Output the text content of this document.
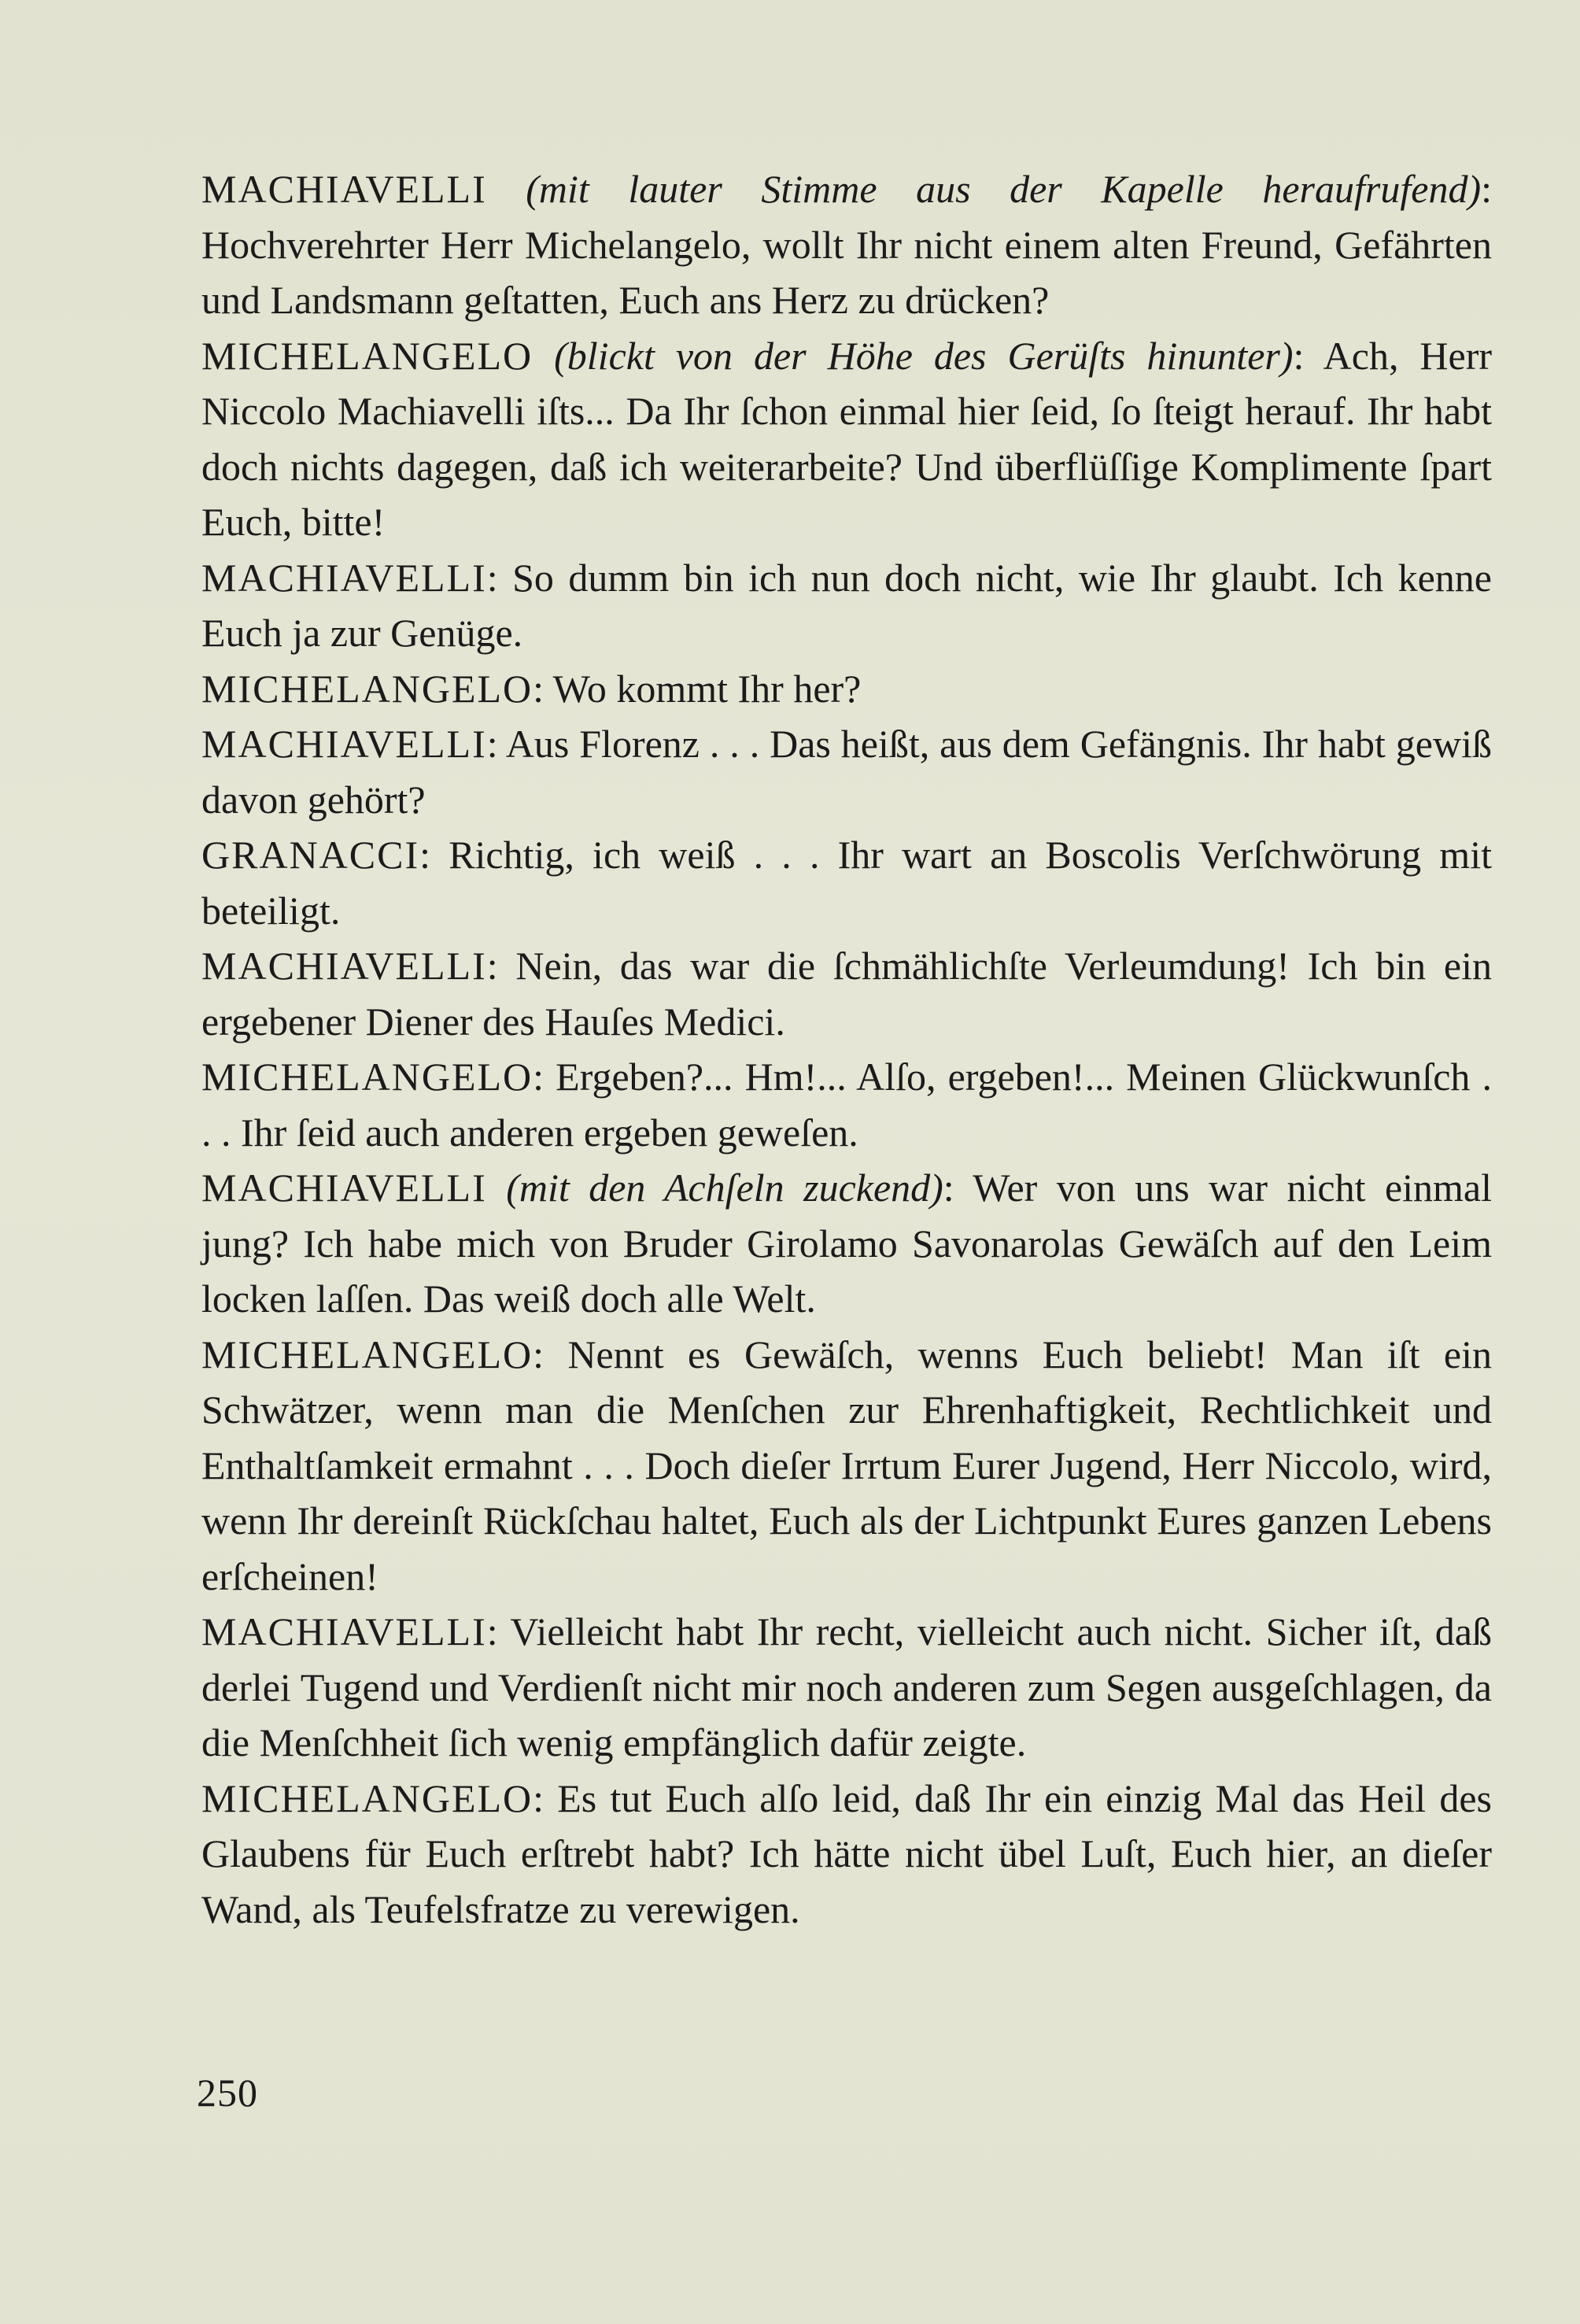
MACHIAVELLI (mit lauter Stimme aus der Kapelle heraufrufend): Hochverehrter Herr Michelangelo, wollt Ihr nicht einem alten Freund, Gefährten und Landsmann geſtatten, Euch ans Herz zu drücken?

MICHELANGELO (blickt von der Höhe des Gerüſts hinunter): Ach, Herr Niccolo Machiavelli iſts... Da Ihr ſchon einmal hier ſeid, ſo ſteigt herauf. Ihr habt doch nichts dagegen, daß ich weiterarbeite? Und überflüſſige Komplimente ſpart Euch, bitte!

MACHIAVELLI: So dumm bin ich nun doch nicht, wie Ihr glaubt. Ich kenne Euch ja zur Genüge.

MICHELANGELO: Wo kommt Ihr her?

MACHIAVELLI: Aus Florenz . . . Das heißt, aus dem Gefängnis. Ihr habt gewiß davon gehört?

GRANACCI: Richtig, ich weiß . . . Ihr wart an Boscolis Verſchwörung mit beteiligt.

MACHIAVELLI: Nein, das war die ſchmählichſte Verleumdung! Ich bin ein ergebener Diener des Hauſes Medici.

MICHELANGELO: Ergeben?... Hm!... Alſo, ergeben!... Meinen Glückwunſch . . . Ihr ſeid auch anderen ergeben geweſen.

MACHIAVELLI (mit den Achſeln zuckend): Wer von uns war nicht einmal jung? Ich habe mich von Bruder Girolamo Savonarolas Gewäſch auf den Leim locken laſſen. Das weiß doch alle Welt.

MICHELANGELO: Nennt es Gewäſch, wenns Euch beliebt! Man iſt ein Schwätzer, wenn man die Menſchen zur Ehrenhaftigkeit, Rechtlichkeit und Enthaltſamkeit ermahnt . . . Doch dieſer Irrtum Eurer Jugend, Herr Niccolo, wird, wenn Ihr dereinſt Rückſchau haltet, Euch als der Lichtpunkt Eures ganzen Lebens erſcheinen!

MACHIAVELLI: Vielleicht habt Ihr recht, vielleicht auch nicht. Sicher iſt, daß derlei Tugend und Verdienſt nicht mir noch anderen zum Segen ausgeſchlagen, da die Menſchheit ſich wenig empfänglich dafür zeigte.

MICHELANGELO: Es tut Euch alſo leid, daß Ihr ein einzig Mal das Heil des Glaubens für Euch erſtrebt habt? Ich hätte nicht übel Luſt, Euch hier, an dieſer Wand, als Teufelsfratze zu verewigen.

250
